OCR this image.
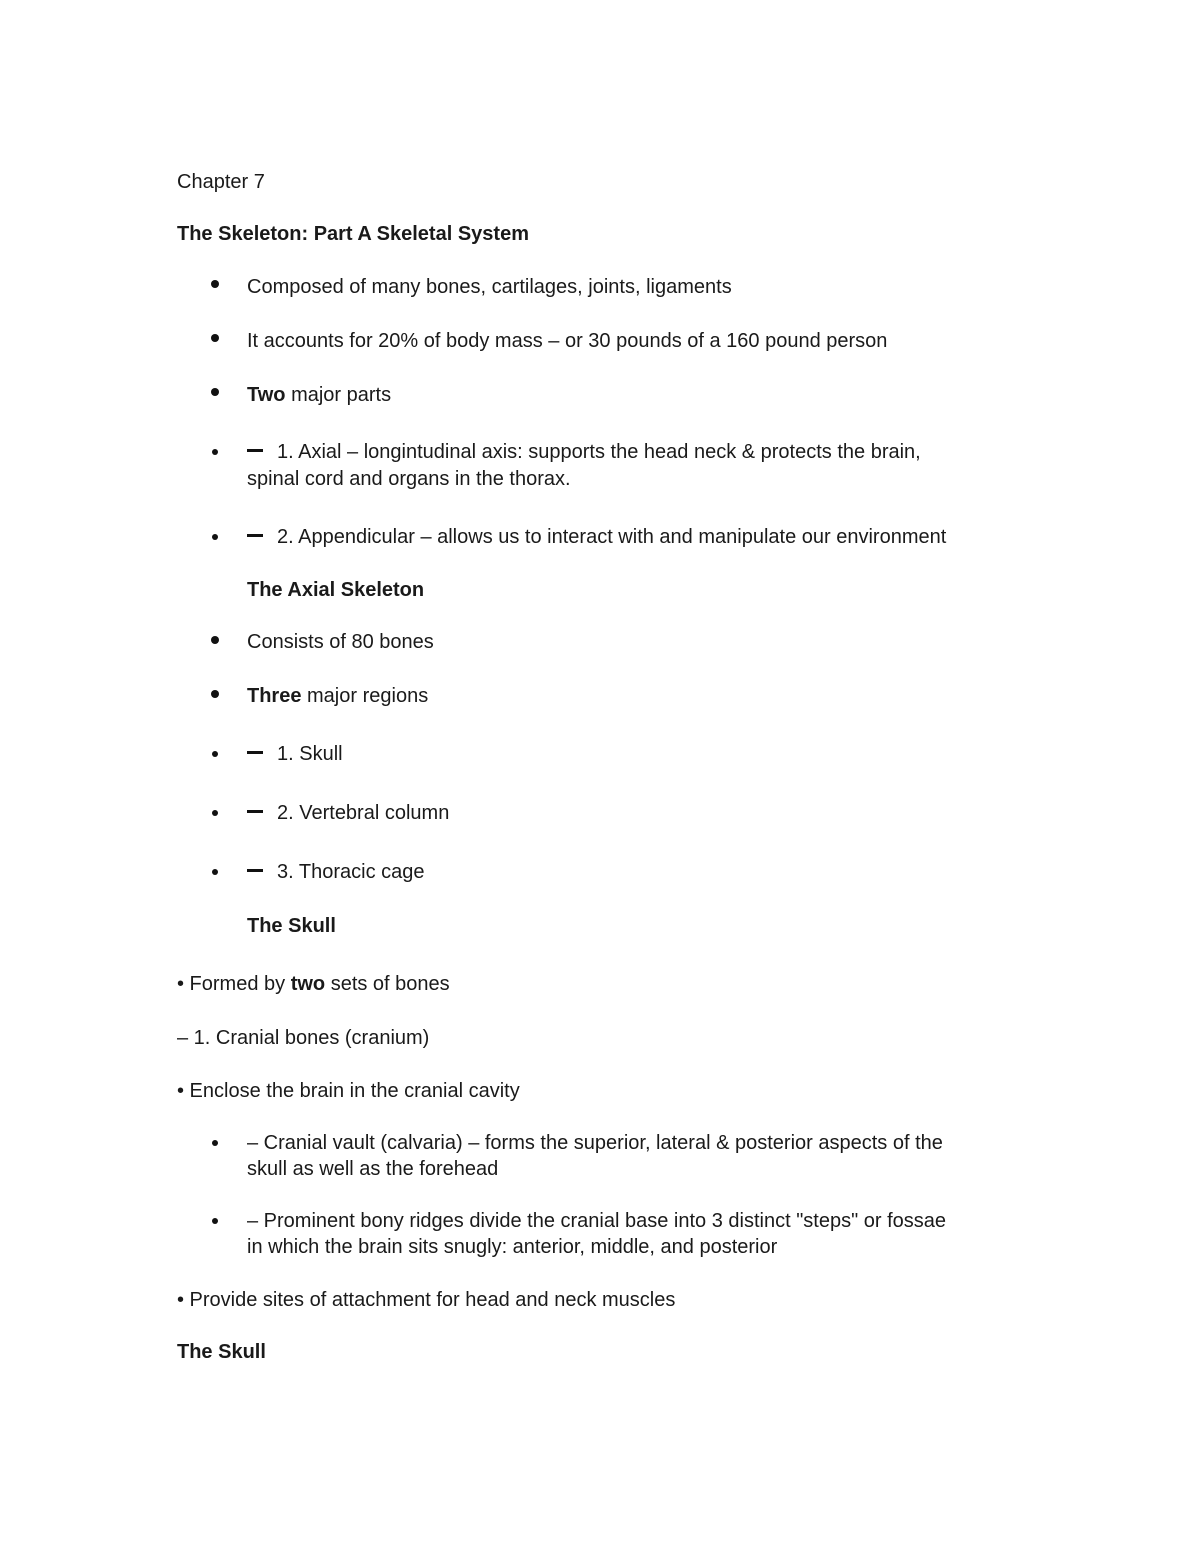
Chapter 7
The Skeleton: Part A Skeletal System
Composed of many bones, cartilages, joints, ligaments
It accounts for 20% of body mass – or 30 pounds of a 160 pound person
Two major parts
1. Axial – longintudinal axis: supports the head neck & protects the brain,
spinal cord and organs in the thorax.
2. Appendicular – allows us to interact with and manipulate our environment
The Axial Skeleton
Consists of 80 bones
Three major regions
1. Skull
2. Vertebral column
3. Thoracic cage
The Skull
• Formed by two sets of bones
– 1. Cranial bones (cranium)
• Enclose the brain in the cranial cavity
– Cranial vault (calvaria) – forms the superior, lateral & posterior aspects of the
skull as well as the forehead
– Prominent bony ridges divide the cranial base into 3 distinct "steps" or fossae
in which the brain sits snugly: anterior, middle, and posterior
• Provide sites of attachment for head and neck muscles
The Skull
